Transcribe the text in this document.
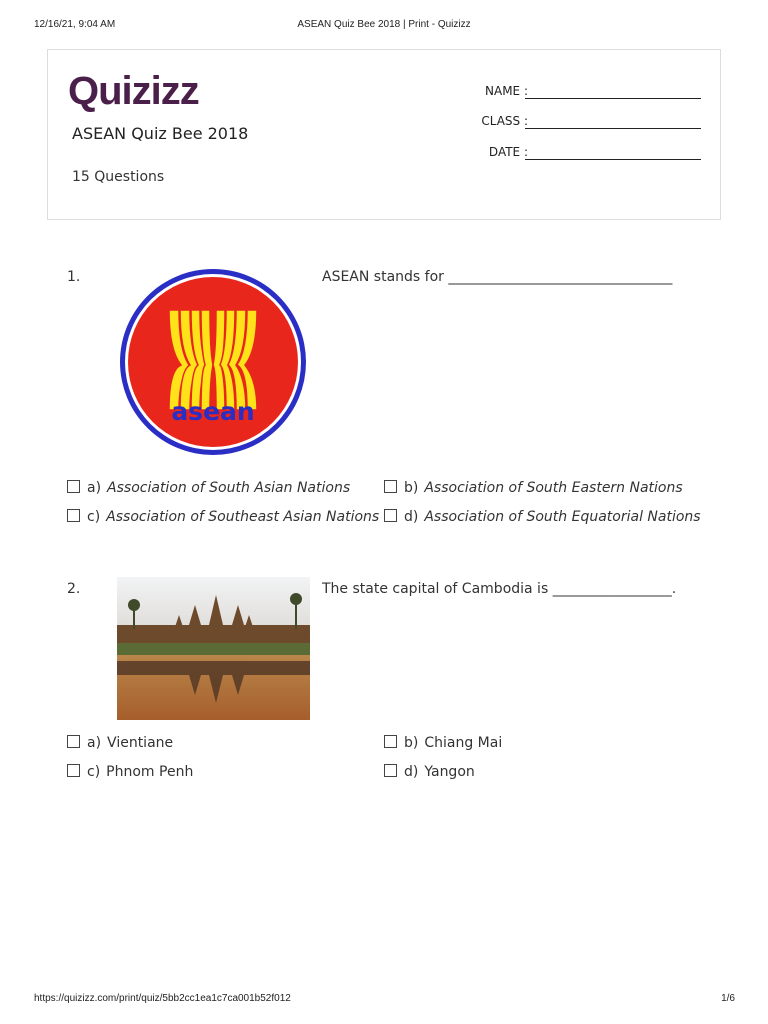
12/16/21, 9:04 AM	ASEAN Quiz Bee 2018 | Print - Quizizz
Quizizz
ASEAN Quiz Bee 2018
15 Questions
NAME :
CLASS :
DATE :
1.
asean
ASEAN stands for ________________________________
a) Association of South Asian Nations	b) Association of South Eastern Nations
c) Association of Southeast Asian Nations	d) Association of South Equatorial Nations
2.	The state capital of Cambodia is _________________.
a) Vientiane	b) Chiang Mai
c) Phnom Penh	d) Yangon
https://quizizz.com/print/quiz/5bb2cc1ea1c7ca001b52f012	1/6
